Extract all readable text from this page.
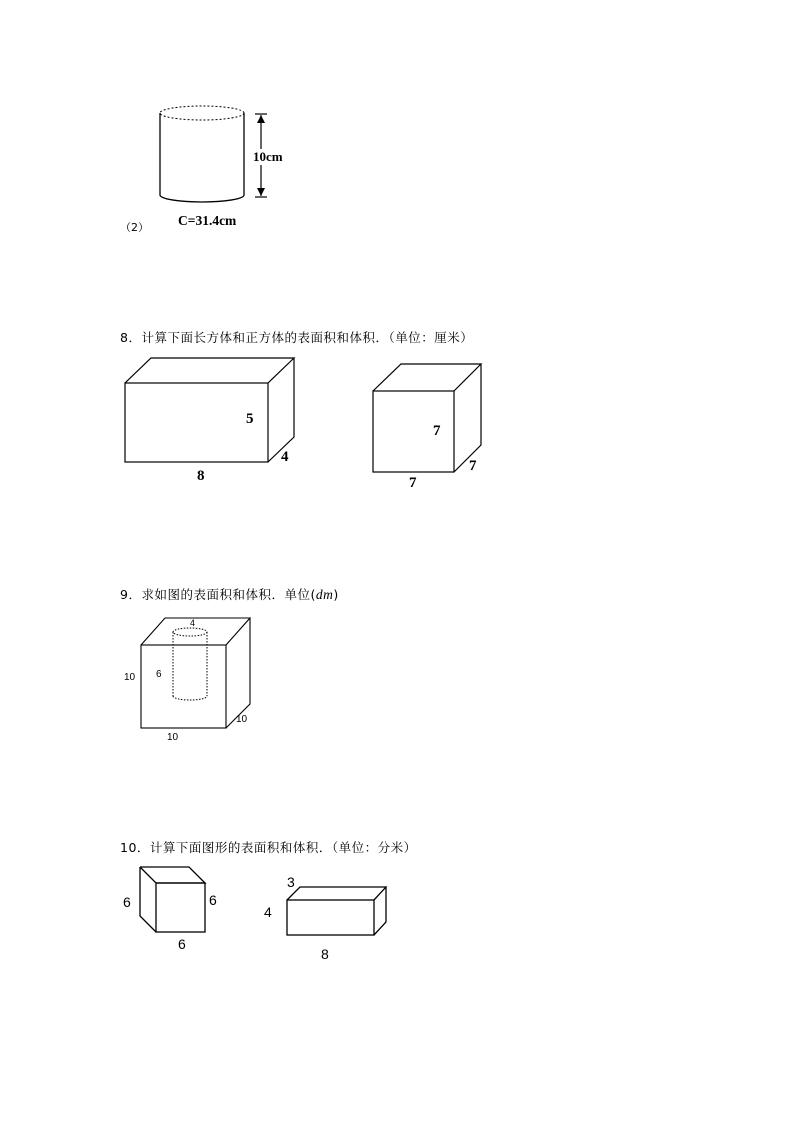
10cm
（2） C=31.4cm
8．计算下面长方体和正方体的表面积和体积．（单位：厘米）
5
4
8
7
7
7
9．求如图的表面积和体积．单位(dm)
4
6
10
10
10
10．计算下面图形的表面积和体积．（单位：分米）
6	6
6
3
4
8
